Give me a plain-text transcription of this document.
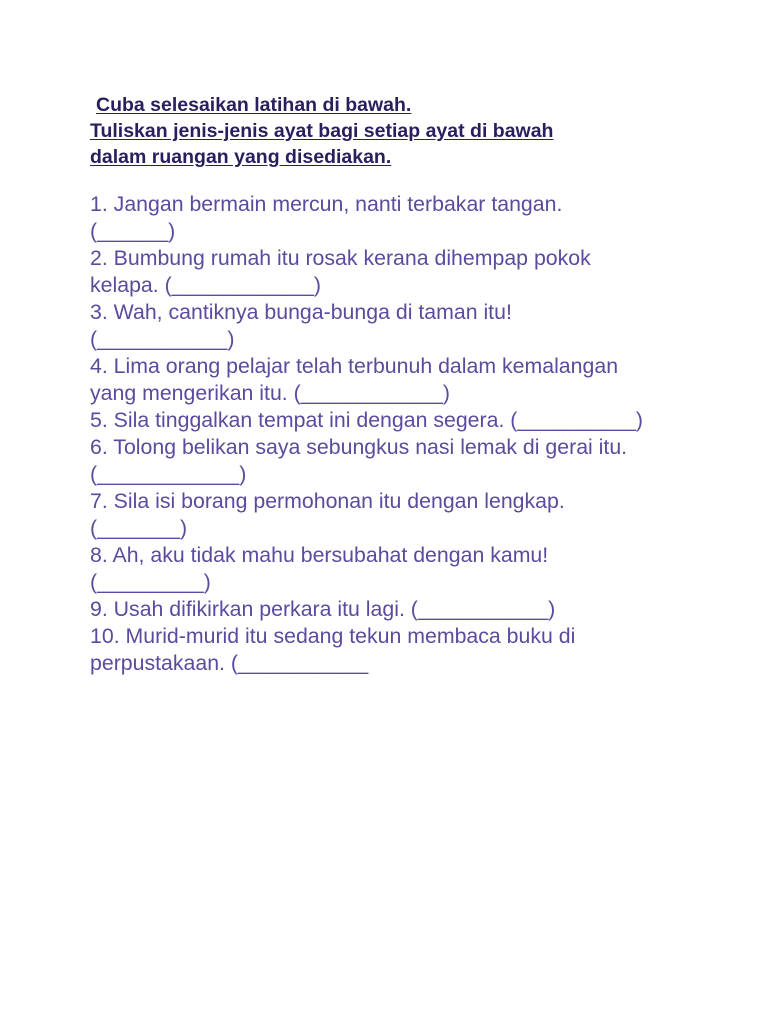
Cuba selesaikan latihan di bawah.
Tuliskan jenis-jenis ayat bagi setiap ayat di bawah
dalam ruangan yang disediakan.
1. Jangan bermain mercun, nanti terbakar tangan.
(______)
2. Bumbung rumah itu rosak kerana dihempap pokok
kelapa. (____________)
3. Wah, cantiknya bunga-bunga di taman itu!
(___________)
4. Lima orang pelajar telah terbunuh dalam kemalangan
yang mengerikan itu. (____________)
5. Sila tinggalkan tempat ini dengan segera. (__________)
6. Tolong belikan saya sebungkus nasi lemak di gerai itu.
(____________)
7. Sila isi borang permohonan itu dengan lengkap.
(_______)
8. Ah, aku tidak mahu bersubahat dengan kamu!
(_________)
9. Usah difikirkan perkara itu lagi. (___________)
10. Murid-murid itu sedang tekun membaca buku di
perpustakaan. (___________
